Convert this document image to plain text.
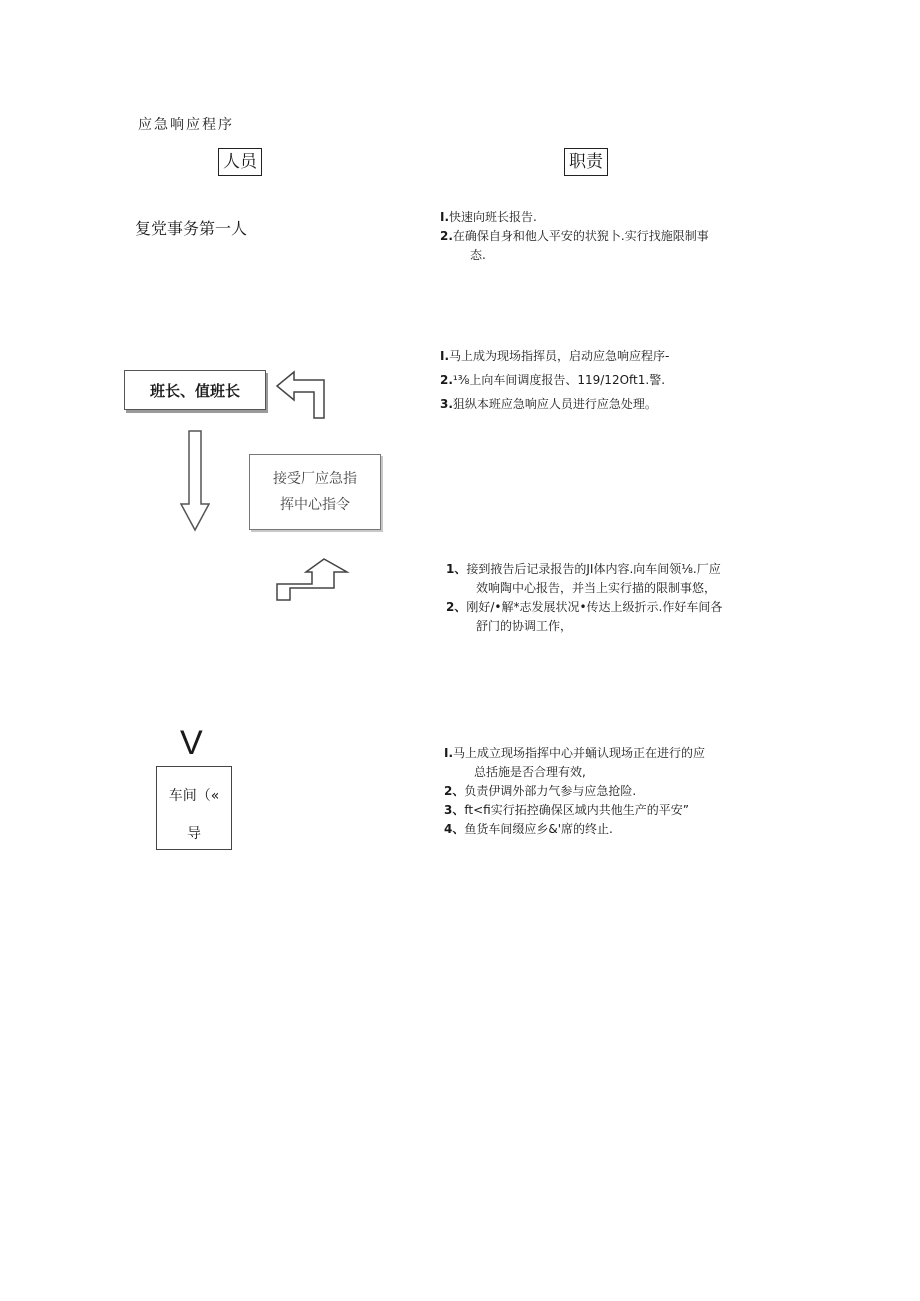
应急响应程序
人员	职责
复党事务第一人
I.快速向班长报告.
2.在确保自身和他人平安的状猊卜.实行找施限制事
态.
班长、值班长
I.马上成为现场指挥员，启动应急响应程序-
2.¹⅜上向车间调度报告、119/12Oft1.警.
3.狙纵本班应急响应人员进行应急处理。
接受厂应急指
挥中心指令
1、接到掖告后记录报告的JI体内容.向车间领⅛.厂应
效响陶中心报告，并当上实行描的限制事悠，
2、刚好/•解*志发展状况•传达上级折示.作好车间各
舒门的协调工作，
V
车间（«
导
I.马上成立现场指挥中心并蛹认现场正在进行的应
总括施是否合理有效,
2、负责伊调外部力气参与应急抢险.
3、ft<fi实行拓控确保区域内共他生产的平安”
4、鱼货车间缀应乡&'席的终止.
